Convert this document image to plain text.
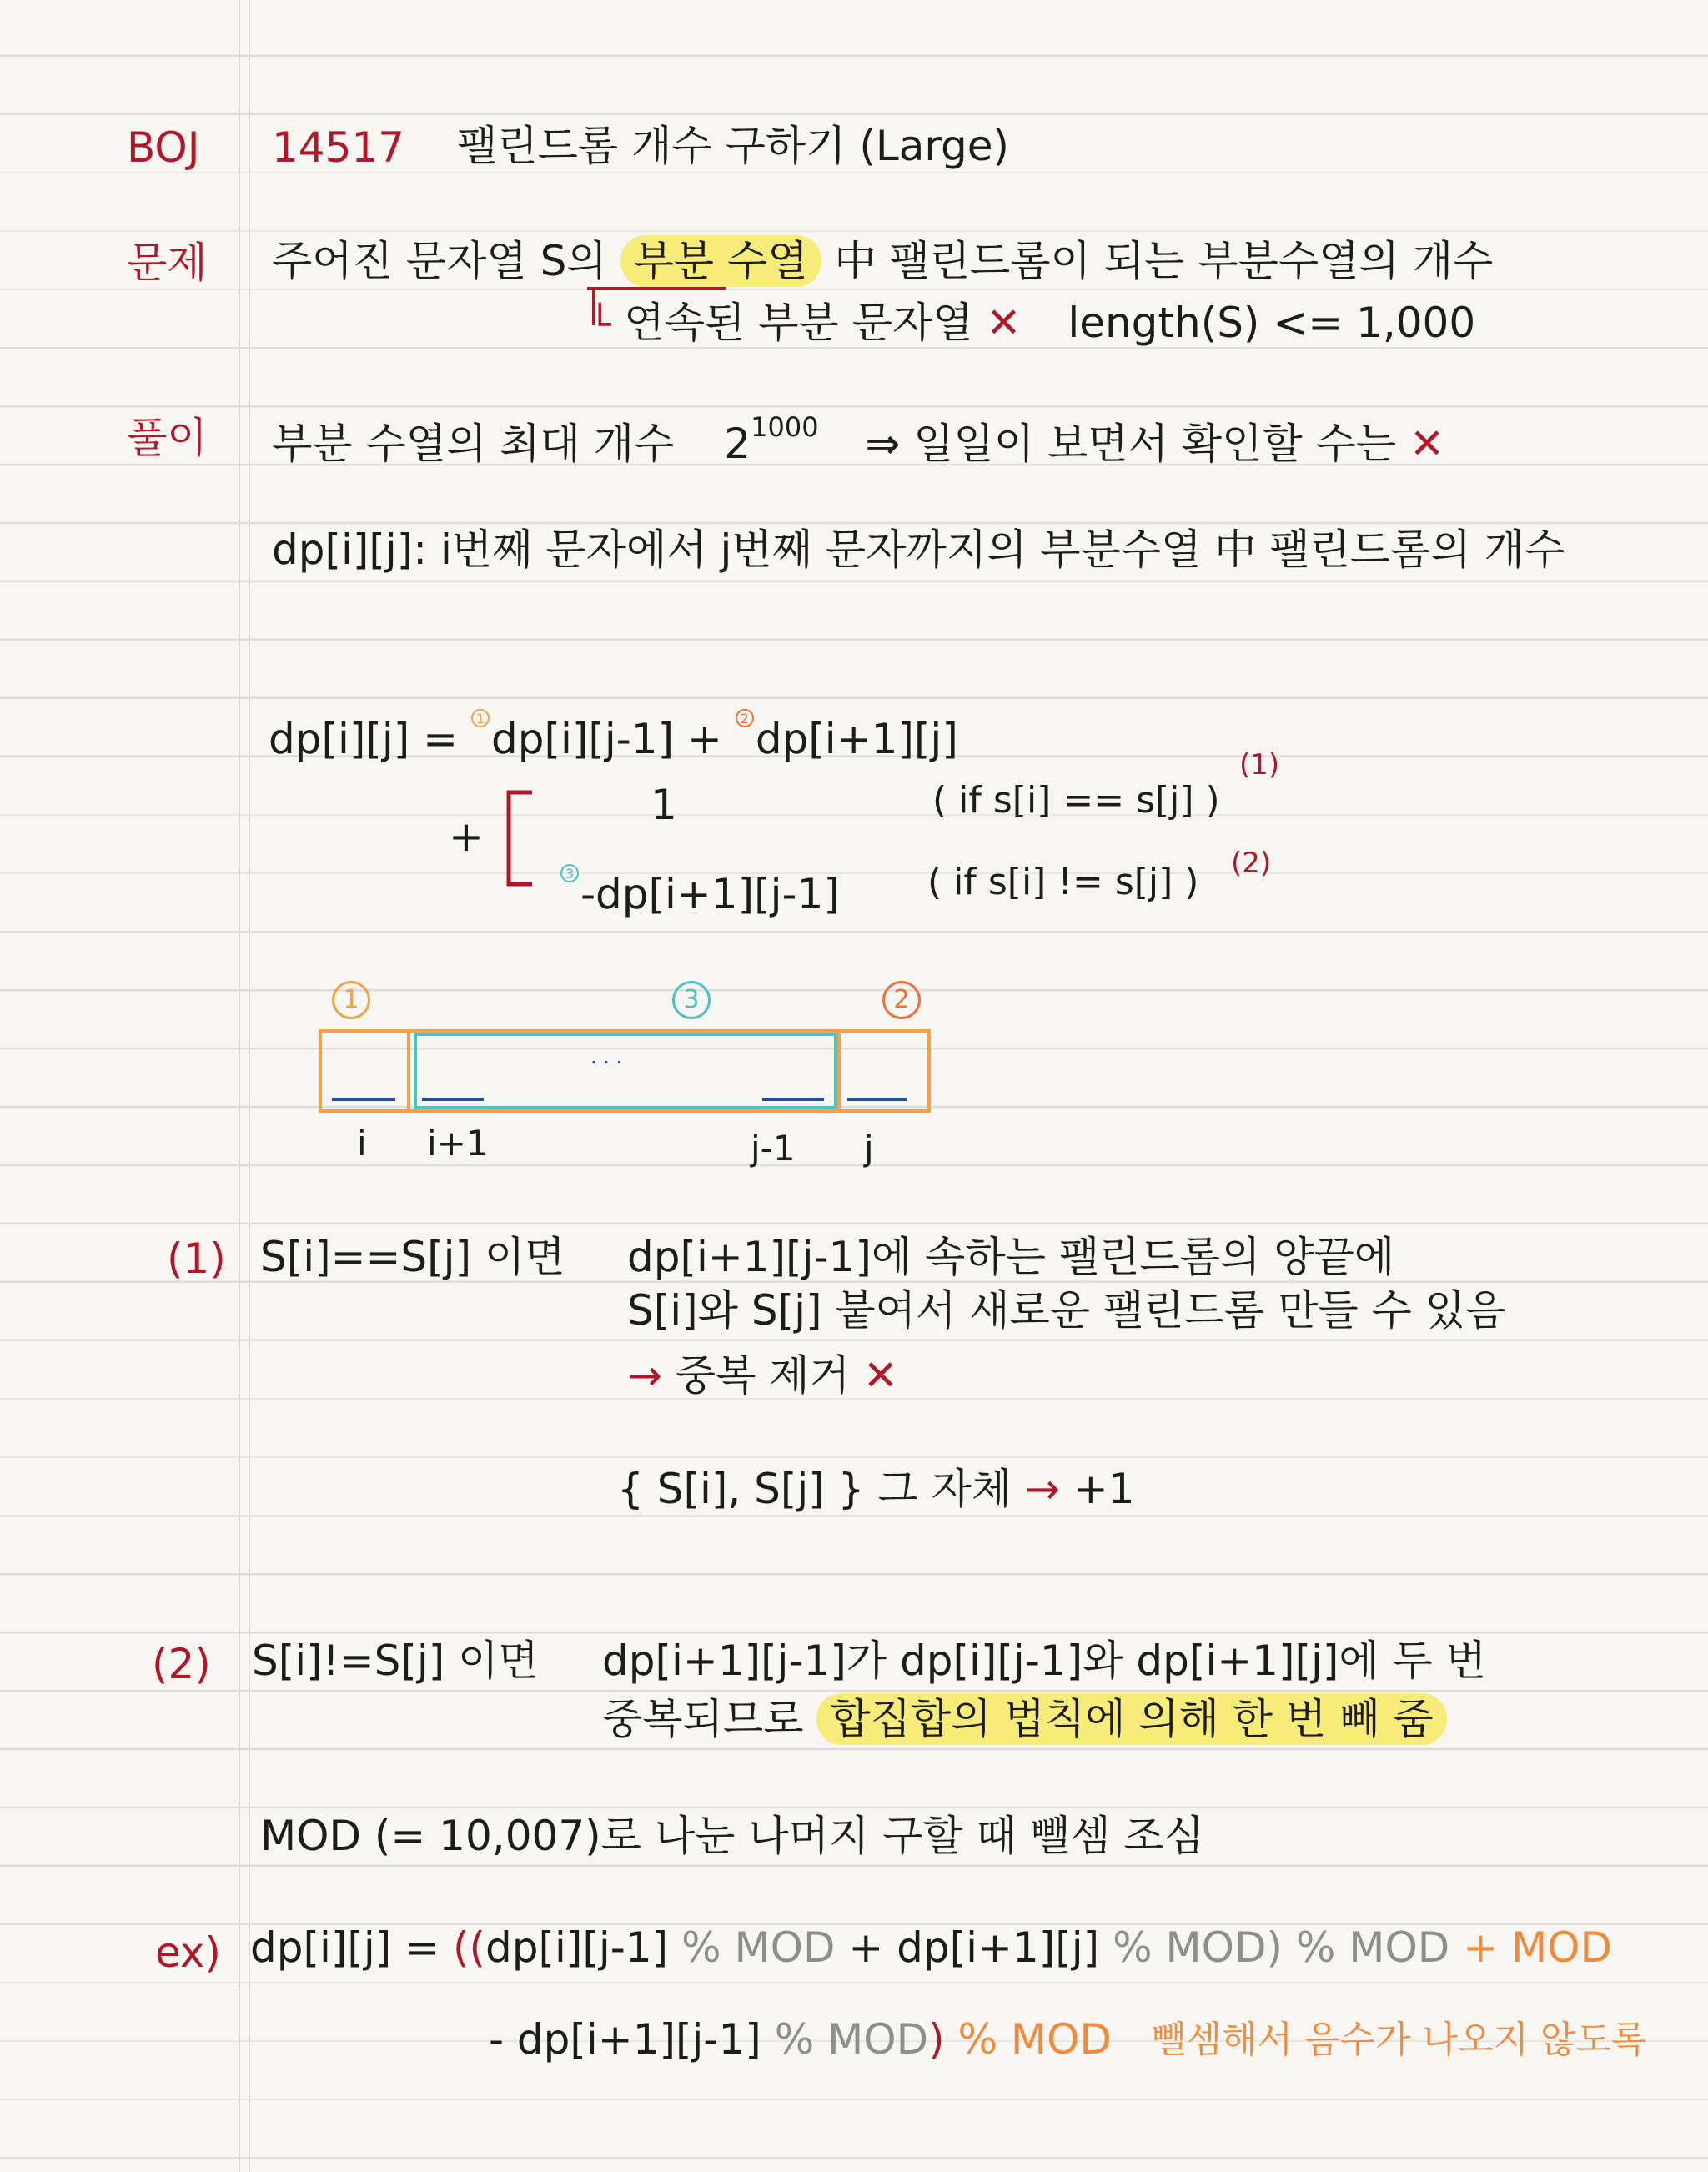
BOJ 14517 팰린드롬 개수 구하기 (Large)
문제 주어진 문자열 S의 부분 수열 中 팰린드롬이 되는 부분수열의 개수
└ 연속된 부분 문자열 ✕ length(S) <= 1,000
풀이 부분 수열의 최대 개수 $2^{1000}$ ⇒ 일일이 보면서 확인할 수는 ✕
dp[i][j]: i번째 문자에서 j번째 문자까지의 부분수열 中 팰린드롬의 개수
dp[i][j] = 1 dp[i][j-1] + 2 dp[i+1][j]
+
1	( if s[i] == s[j] )
(1)
3 -dp[i+1][j-1] ( if s[i] != s[j] ) (2)
1	3	2
· · ·
i i+1	j-1 j
(1) S[i]==S[j] 이면 dp[i+1][j-1]에 속하는 팰린드롬의 양끝에
S[i]와 S[j] 붙여서 새로운 팰린드롬 만들 수 있음
→ 중복 제거 ✕
{ S[i], S[j] } 그 자체 → +1
(2) S[i]!=S[j] 이면 dp[i+1][j-1]가 dp[i][j-1]와 dp[i+1][j]에 두 번
중복되므로 합집합의 법칙에 의해 한 번 빼 줌
MOD (= 10,007)로 나눈 나머지 구할 때 뺄셈 조심
ex) dp[i][j] = ((dp[i][j-1] % MOD + dp[i+1][j] % MOD) % MOD + MOD
- dp[i+1][j-1] % MOD) % MOD 뺄셈해서 음수가 나오지 않도록
